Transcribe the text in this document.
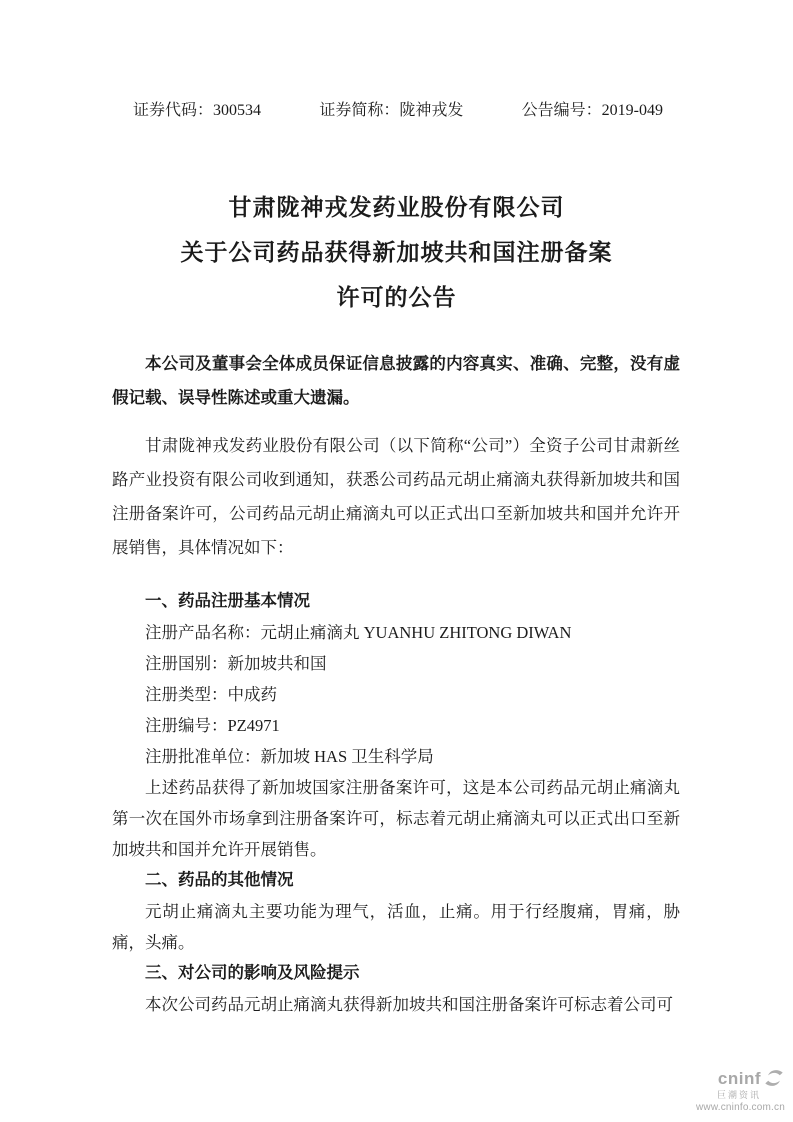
证券代码：300534	证券简称：陇神戎发	公告编号：2019-049
甘肃陇神戎发药业股份有限公司
关于公司药品获得新加坡共和国注册备案
许可的公告

本公司及董事会全体成员保证信息披露的内容真实、准确、完整，没有虚假记载、误导性陈述或重大遗漏。

甘肃陇神戎发药业股份有限公司（以下简称“公司”）全资子公司甘肃新丝路产业投资有限公司收到通知，获悉公司药品元胡止痛滴丸获得新加坡共和国注册备案许可，公司药品元胡止痛滴丸可以正式出口至新加坡共和国并允许开展销售，具体情况如下：

一、药品注册基本情况
注册产品名称：元胡止痛滴丸 YUANHU ZHITONG DIWAN
注册国别：新加坡共和国
注册类型：中成药
注册编号：PZ4971
注册批准单位：新加坡 HAS 卫生科学局

上述药品获得了新加坡国家注册备案许可，这是本公司药品元胡止痛滴丸第一次在国外市场拿到注册备案许可，标志着元胡止痛滴丸可以正式出口至新加坡共和国并允许开展销售。

二、药品的其他情况

元胡止痛滴丸主要功能为理气，活血，止痛。用于行经腹痛，胃痛，胁痛，头痛。

三、对公司的影响及风险提示

本次公司药品元胡止痛滴丸获得新加坡共和国注册备案许可标志着公司可

cninf
巨潮资讯
www.cninfo.com.cn
